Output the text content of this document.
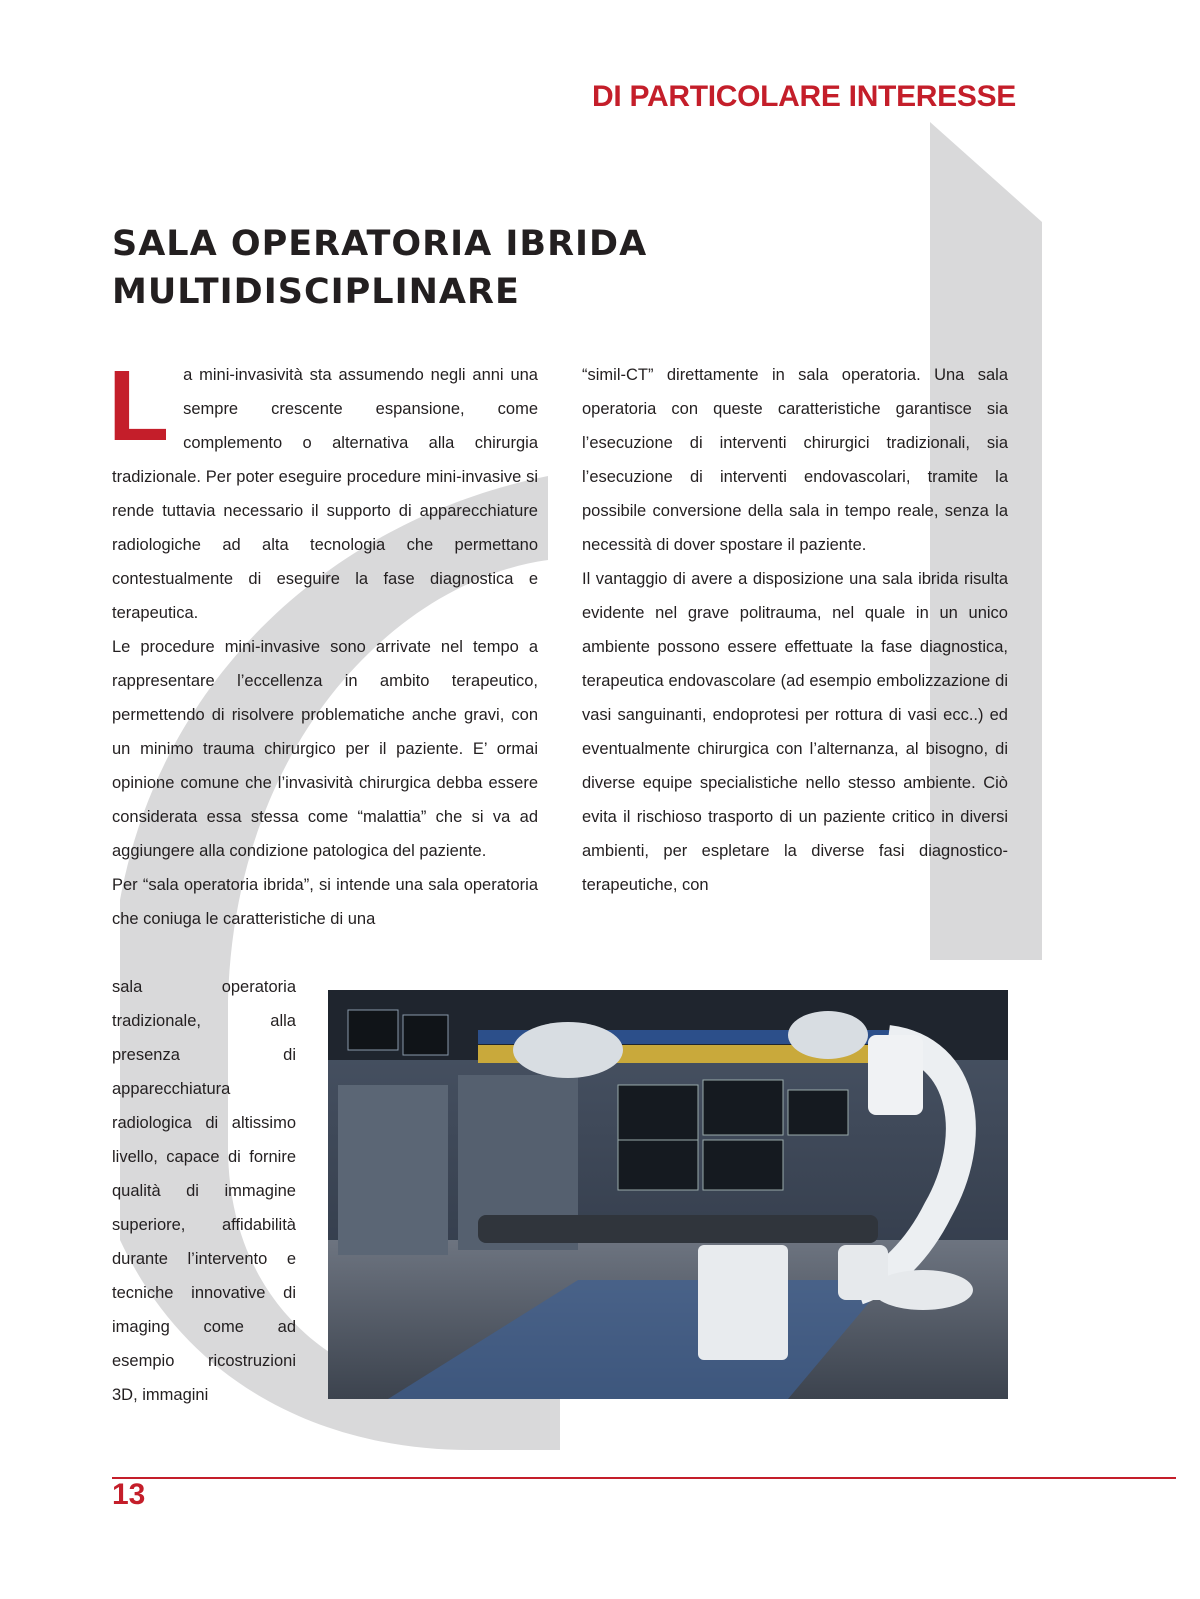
DI PARTICOLARE INTERESSE
SALA OPERATORIA IBRIDA
MULTIDISCIPLINARE

La mini-invasività sta assumendo negli anni una sempre crescente espansione, come complemento o alternativa alla chirurgia tradizionale. Per poter eseguire procedure mini-invasive si rende tuttavia necessario il supporto di apparecchiature radiologiche ad alta tecnologia che permettano contestualmente di eseguire la fase diagnostica e terapeutica.

Le procedure mini-invasive sono arrivate nel tempo a rappresentare l’eccellenza in ambito terapeutico, permettendo di risolvere problematiche anche gravi, con un minimo trauma chirurgico per il paziente. E’ ormai opinione comune che l’invasività chirurgica debba essere considerata essa stessa come “malattia” che si va ad aggiungere alla condizione patologica del paziente.

Per “sala operatoria ibrida”, si intende una sala operatoria che coniuga le caratteristiche di una

sala operatoria tradizionale, alla presenza di apparecchiatura radiologica di altissimo livello, capace di fornire qualità di immagine superiore, affidabilità durante l’intervento e tecniche innovative di imaging come ad esempio ricostruzioni 3D, immagini

“simil-CT” direttamente in sala operatoria. Una sala operatoria con queste caratteristiche garantisce sia l’esecuzione di interventi chirurgici tradizionali, sia l’esecuzione di interventi endovascolari, tramite la possibile conversione della sala in tempo reale, senza la necessità di dover spostare il paziente.

Il vantaggio di avere a disposizione una sala ibrida risulta evidente nel grave politrauma, nel quale in un unico ambiente possono essere effettuate la fase diagnostica, terapeutica endovascolare (ad esempio embolizzazione di vasi sanguinanti, endoprotesi per rottura di vasi ecc..) ed eventualmente chirurgica con l’alternanza, al bisogno, di diverse equipe specialistiche nello stesso ambiente. Ciò evita il rischioso trasporto di un paziente critico in diversi ambienti, per espletare la diverse fasi diagnostico-terapeutiche, con

13
